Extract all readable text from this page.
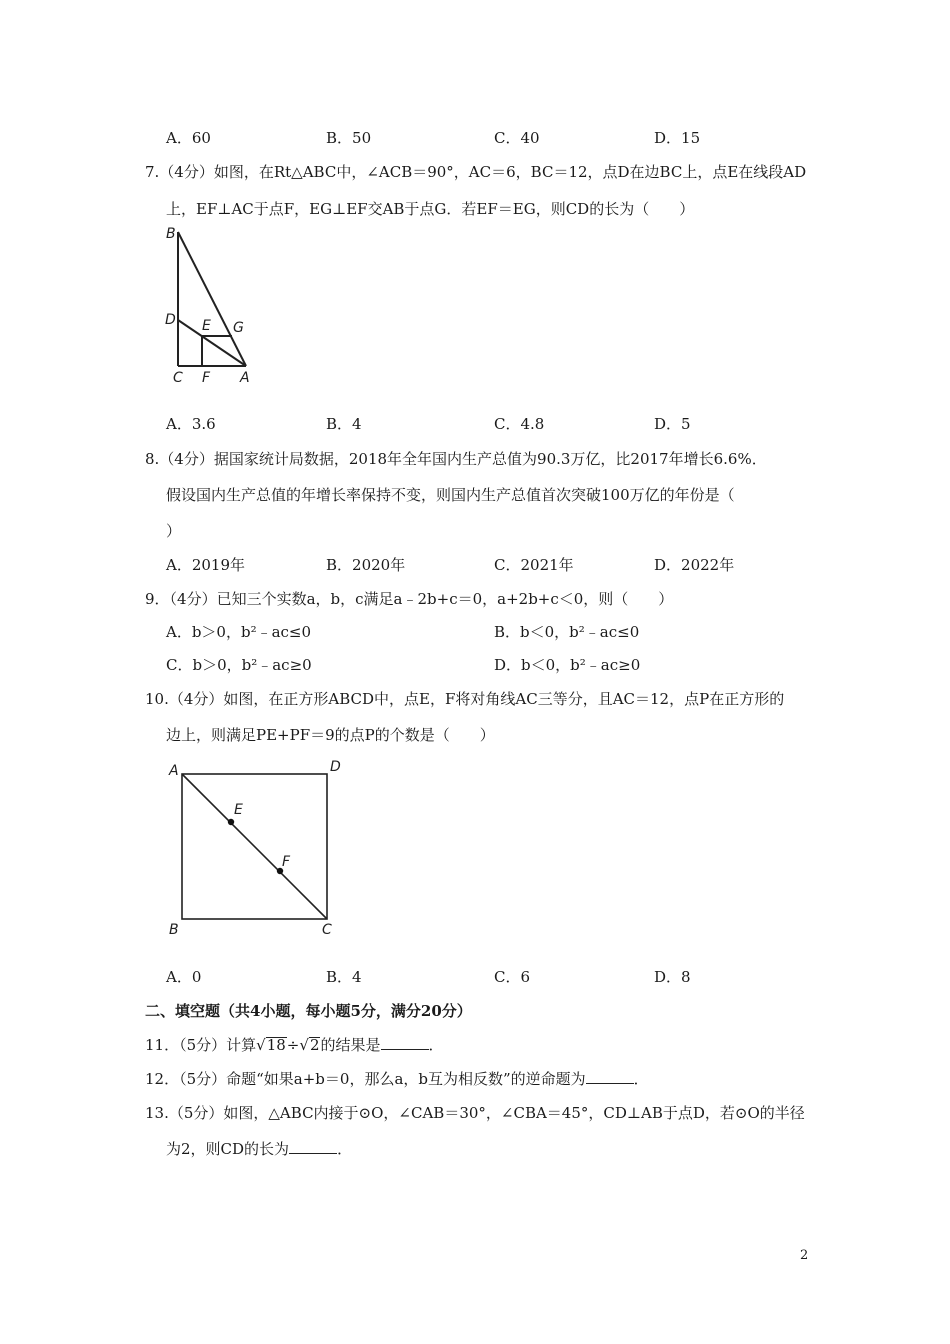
A．60	B．50	C．40	D．15
7.（4分）如图，在Rt△ABC中，∠ACB＝90°，AC＝6，BC＝12，点D在边BC上，点E在线段AD
上，EF⊥AC于点F，EG⊥EF交AB于点G．若EF＝EG，则CD的长为（　　）
B
D E G
C F A
A．3.6	B．4	C．4.8	D．5
8.（4分）据国家统计局数据，2018年全年国内生产总值为90.3万亿，比2017年增长6.6%．
假设国内生产总值的年增长率保持不变，则国内生产总值首次突破100万亿的年份是（
）
A．2019年	B．2020年	C．2021年	D．2022年
9．（4分）已知三个实数a，b，c满足a﹣2b+c＝0，a+2b+c＜0，则（　　）
A．b＞0，b²﹣ac≤0	B．b＜0，b²﹣ac≤0
C．b＞0，b²﹣ac≥0	D．b＜0，b²﹣ac≥0
10.（4分）如图，在正方形ABCD中，点E，F将对角线AC三等分，且AC＝12，点P在正方形的
边上，则满足PE+PF＝9的点P的个数是（　　）
A	D
E
F
B	C
A．0	B．4	C．6	D．8
二、填空题（共4小题，每小题5分，满分20分）
11．（5分）计算√18÷√2的结果是	．
12．（5分）命题“如果a+b＝0，那么a，b互为相反数”的逆命题为	．
13.（5分）如图，△ABC内接于⊙O，∠CAB＝30°，∠CBA＝45°，CD⊥AB于点D，若⊙O的半径
为2，则CD的长为	．
2
